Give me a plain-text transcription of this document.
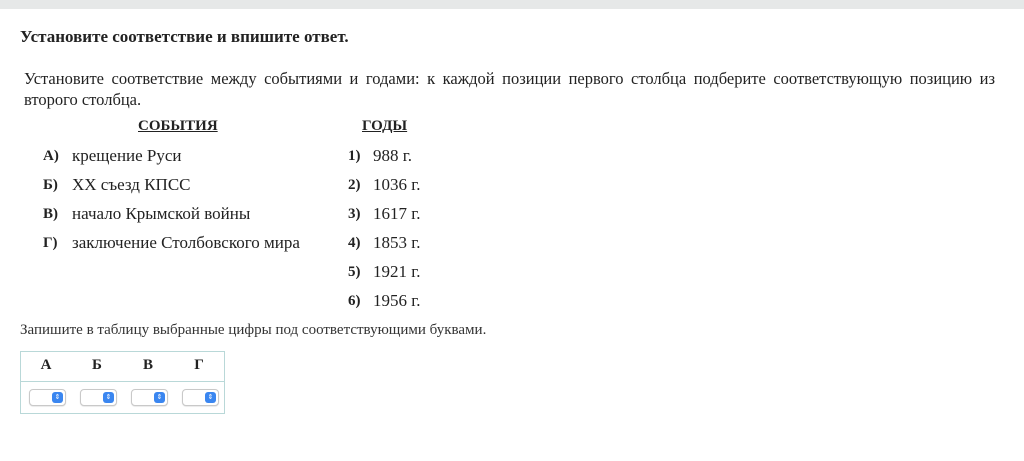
Установите соответствие и впишите ответ.
Установите соответствие между событиями и годами: к каждой позиции первого столбца подберите соответствующую позицию из второго столбца.
СОБЫТИЯ	ГОДЫ
А) крещение Руси
Б) XX съезд КПСС
В) начало Крымской войны
Г) заключение Столбовского мира
1) 988 г.
2) 1036 г.
3) 1617 г.
4) 1853 г.
5) 1921 г.
6) 1956 г.
Запишите в таблицу выбранные цифры под соответствующими буквами.
А	Б	В	Г
⇕	⇕	⇕	⇕
